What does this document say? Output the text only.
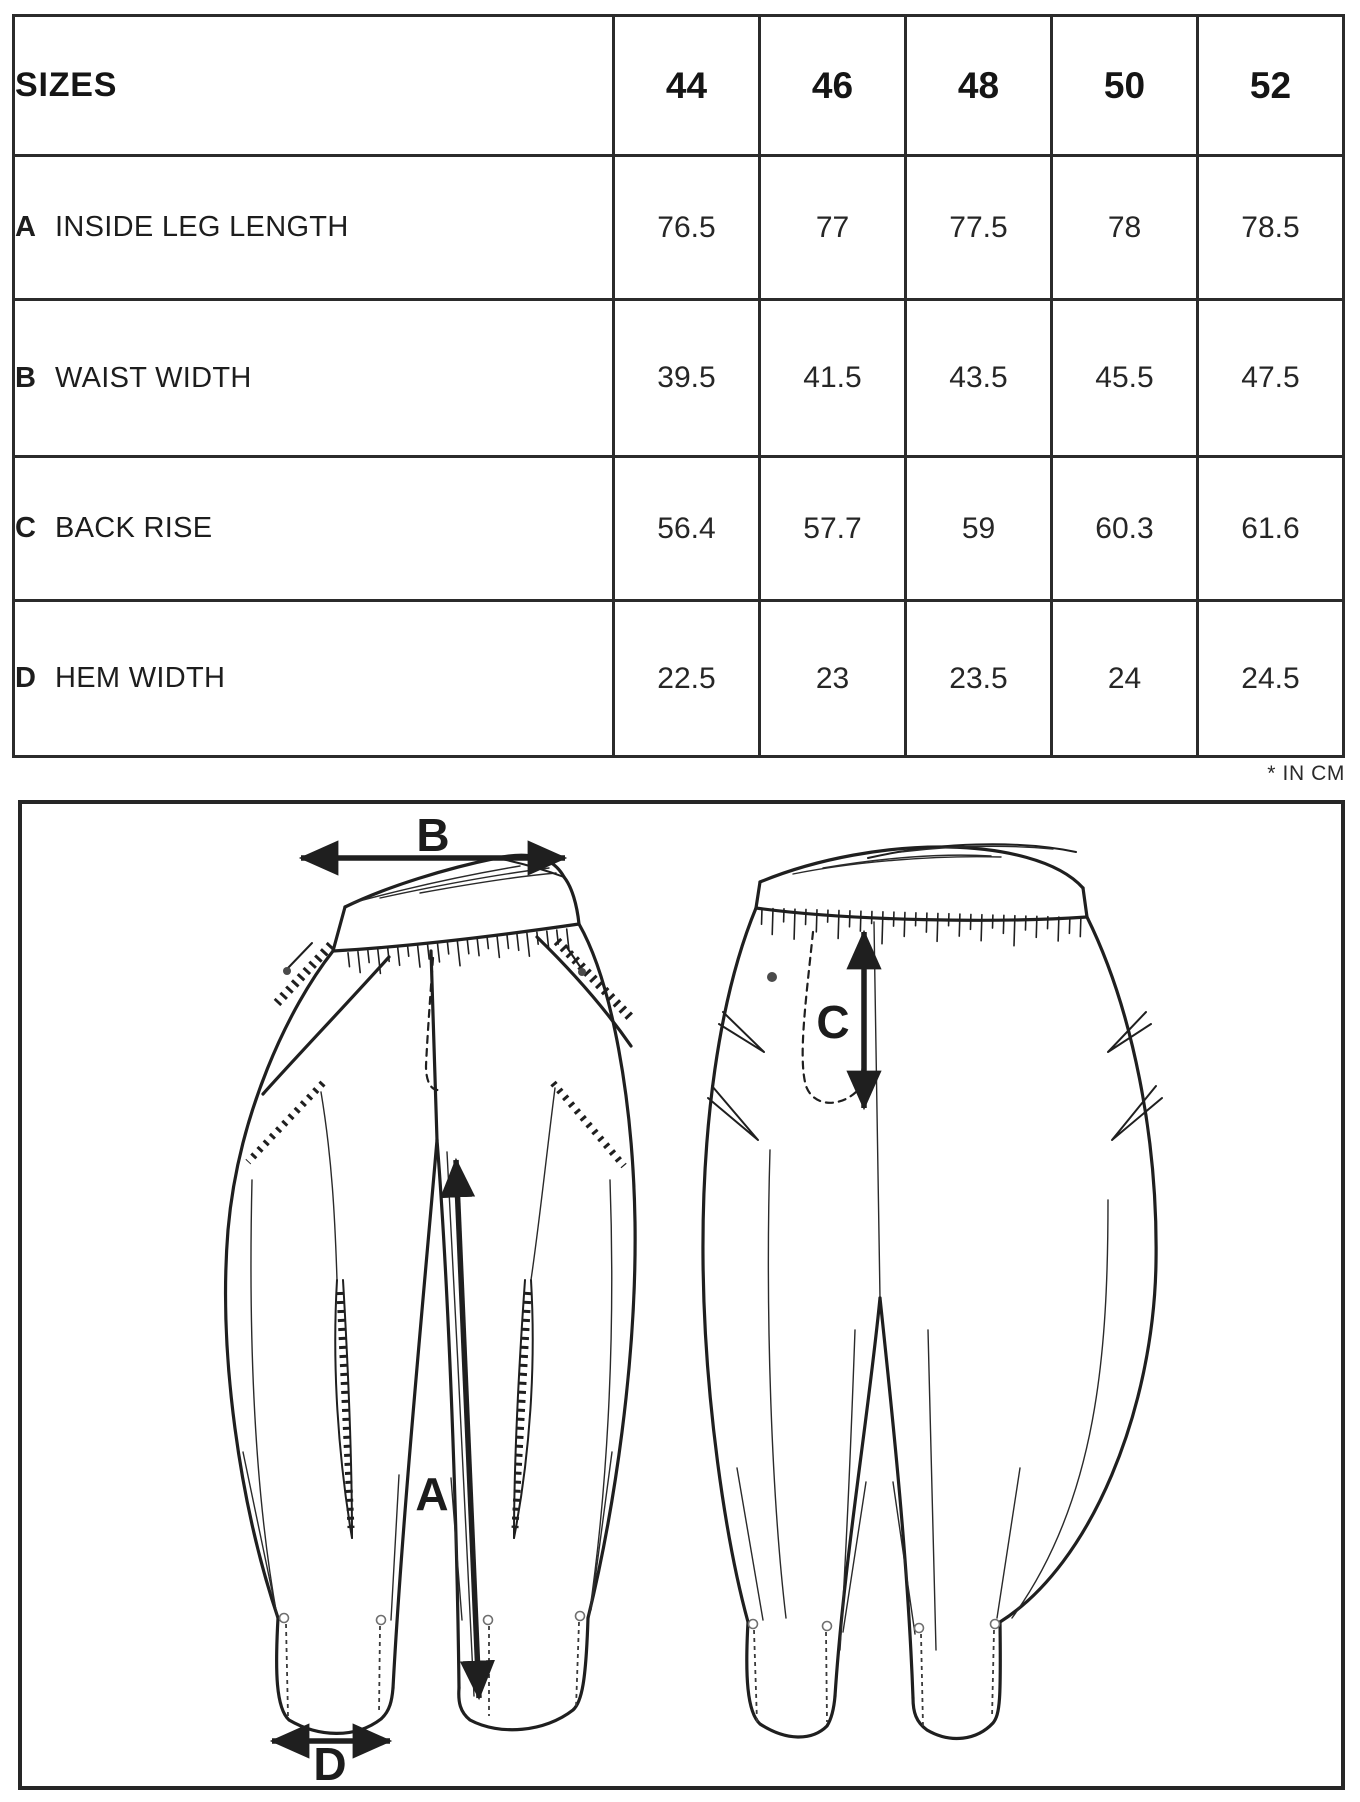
SIZES	44	46	48	50	52
A INSIDE LEG LENGTH	76.5	77	77.5	78	78.5
B WAIST WIDTH	39.5	41.5	43.5	45.5	47.5
C BACK RISE	56.4	57.7	59	60.3	61.6
D HEM WIDTH	22.5	23	23.5	24	24.5
* IN CM
B
A
D
C
